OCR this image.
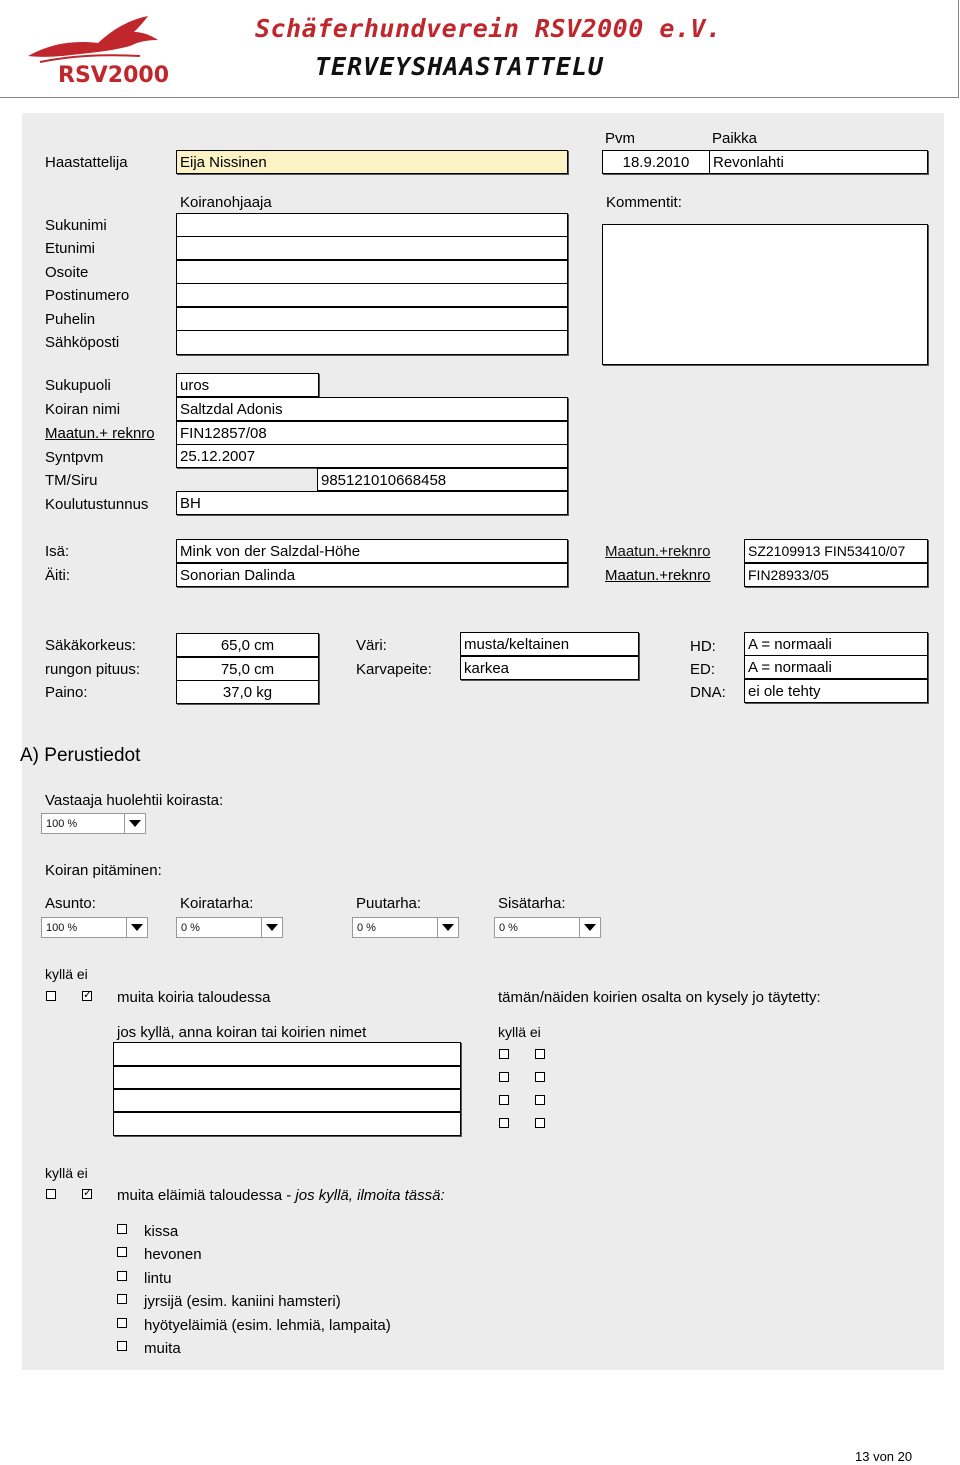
RSV2000
Schäferhundverein RSV2000 e.V.
TERVEYSHAASTATTELU
Haastattelija	Eija Nissinen
Pvm	Paikka
18.9.2010	Revonlahti
Koiranohjaaja	Kommentit:
Sukunimi
Etunimi
Osoite
Postinumero
Puhelin
Sähköposti
Sukupuoli	uros
Koiran nimi	Saltzdal Adonis
Maatun.+ reknro FIN12857/08
Syntpvm	25.12.2007
TM/Siru	985121010668458
Koulutustunnus BH
Isä:	Mink von der Salzdal-Höhe	Maatun.+reknro	SZ2109913 FIN53410/07
Äiti:	Sonorian Dalinda	Maatun.+reknro	FIN28933/05
Säkäkorkeus:	65,0 cm
rungon pituus:	75,0 cm
Paino:	37,0 kg
Väri:	musta/keltainen
Karvapeite: karkea
HD: A = normaali
ED: A = normaali
DNA: ei ole tehty
A) Perustiedot
Vastaaja huolehtii koirasta:
100 %
Koiran pitäminen:
Asunto:	Koiratarha:	Puutarha:	Sisätarha:
100 %	0 %	0 %	0 %
kyllä ei
✓
muita koiria taloudessa	tämän/näiden koirien osalta on kysely jo täytetty:
jos kyllä, anna koiran tai koirien nimet	kyllä ei
kyllä ei
✓
muita eläimiä taloudessa - jos kyllä, ilmoita tässä:
kissa
hevonen
lintu
jyrsijä (esim. kaniini hamsteri)
hyötyeläimiä (esim. lehmiä, lampaita)
muita
13 von 20
